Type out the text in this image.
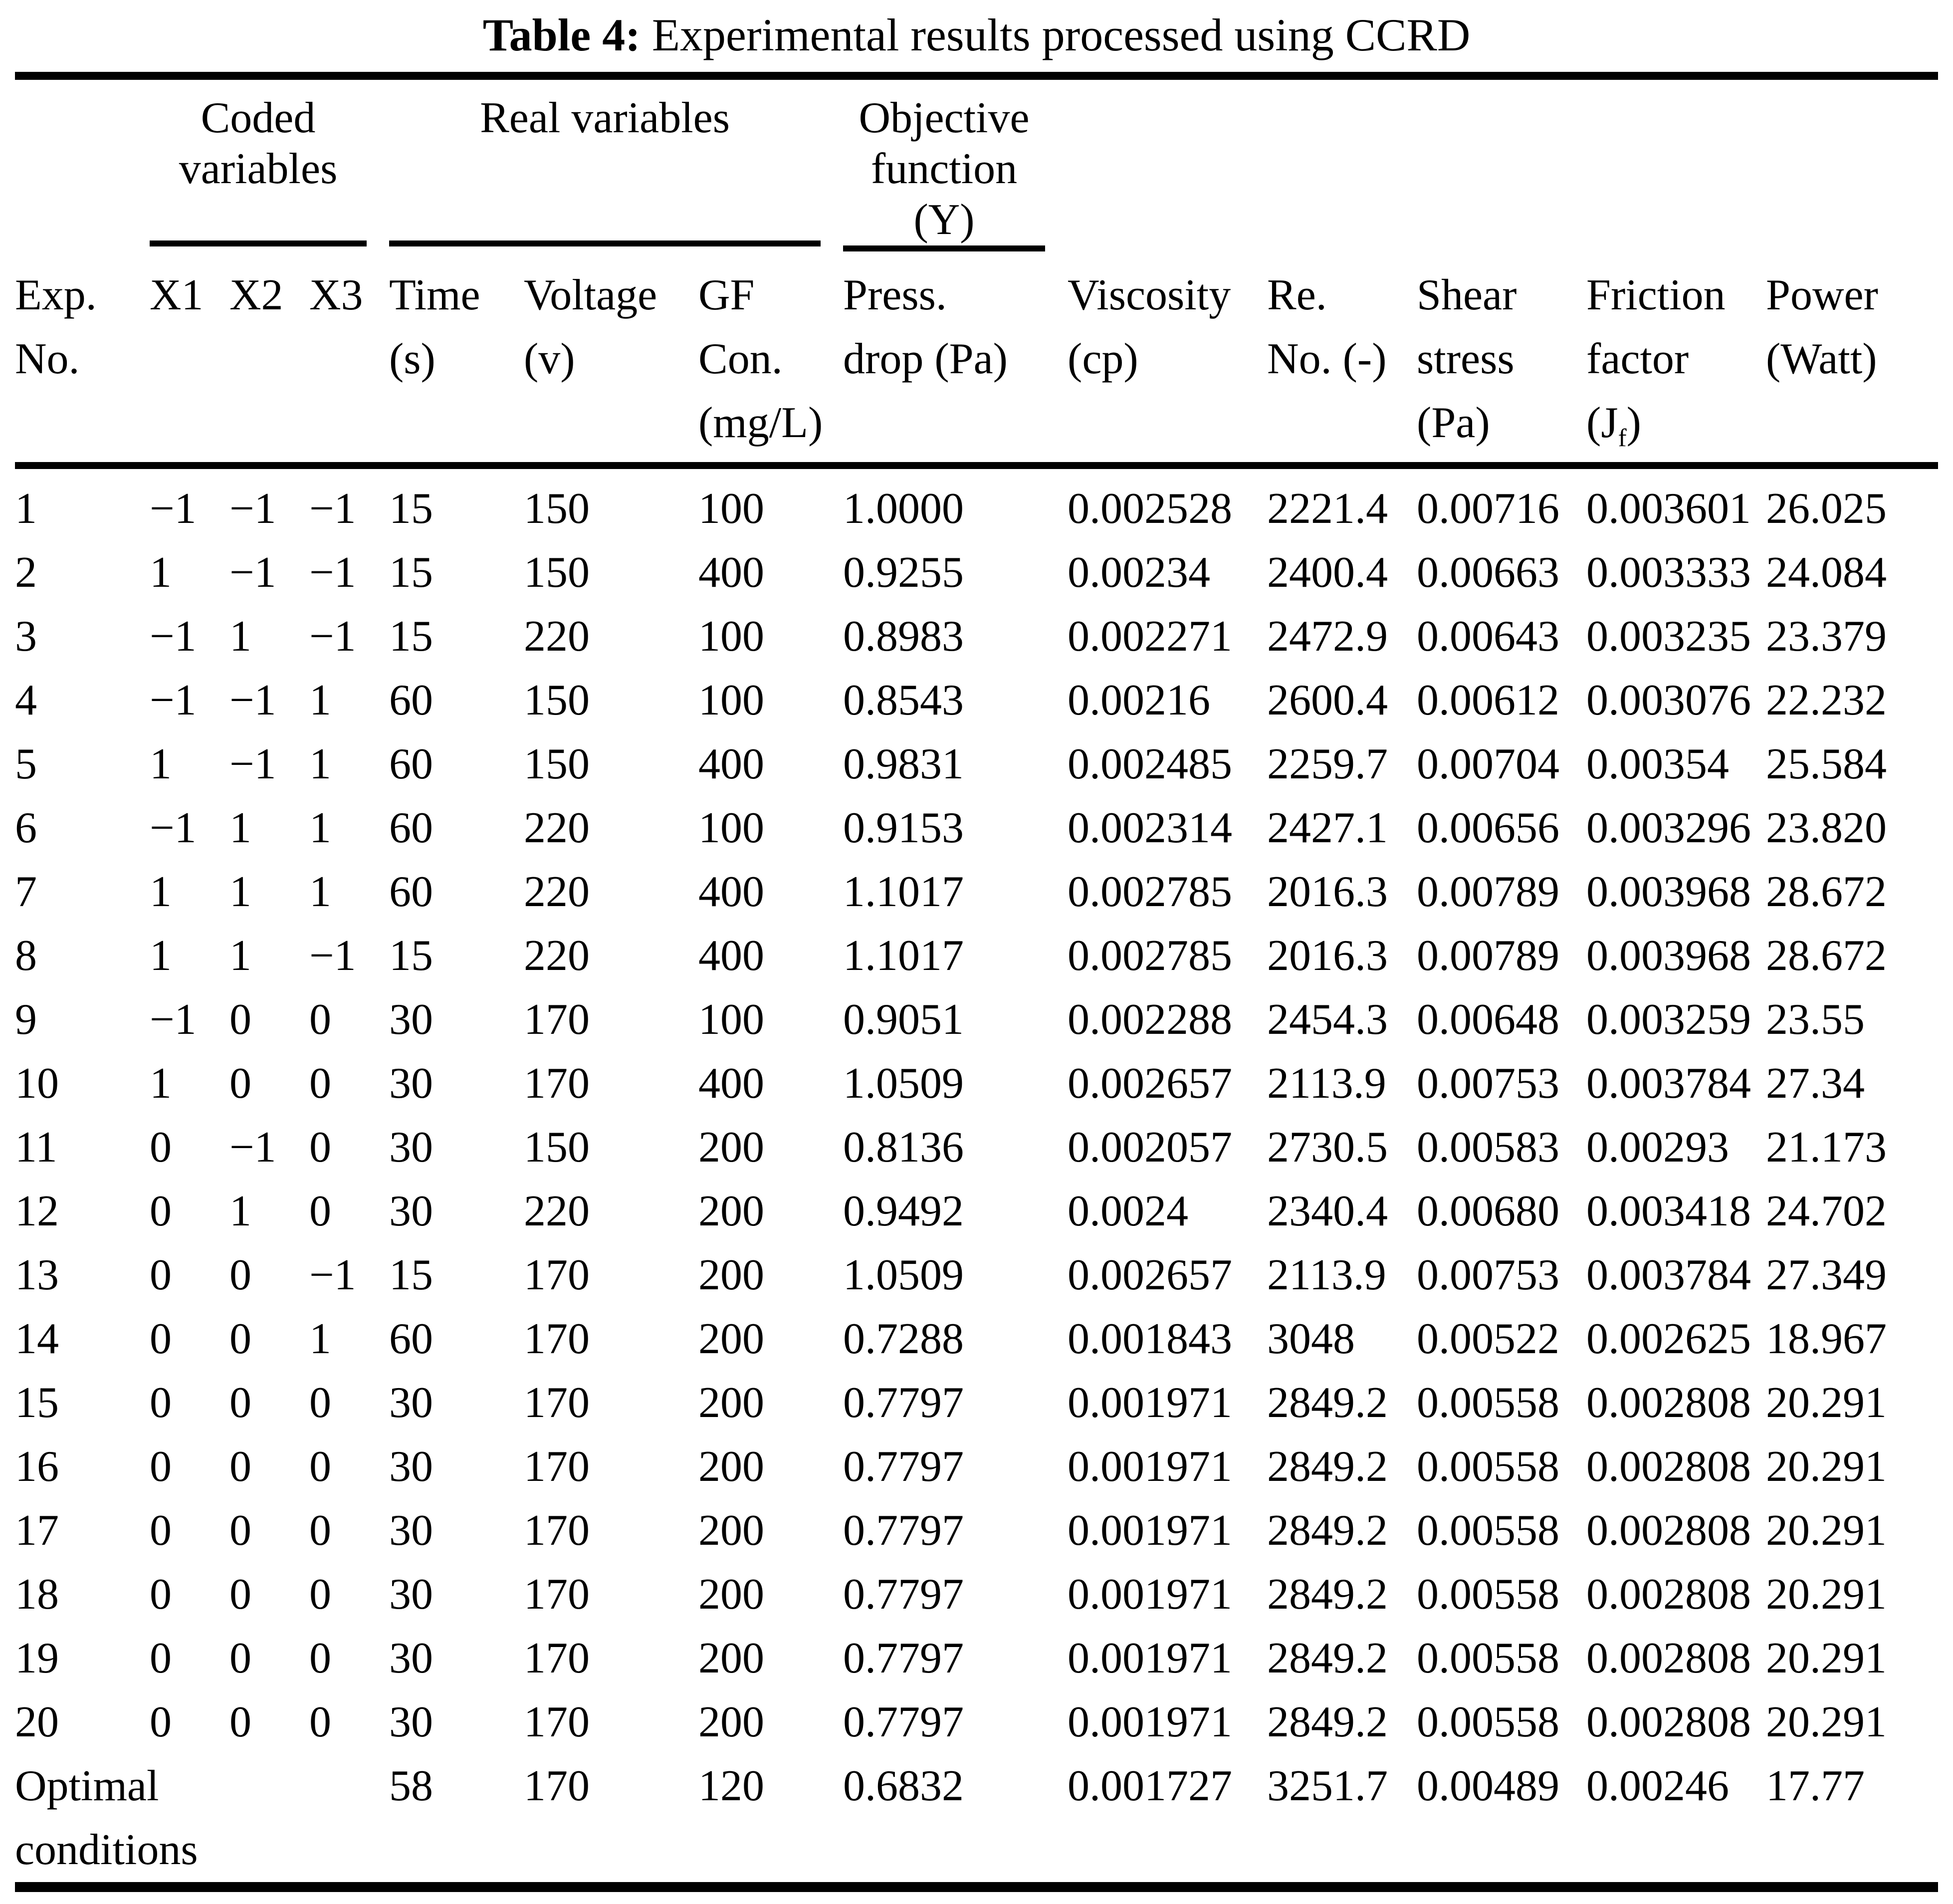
Table 4: Experimental results processed using CCRD

	Coded
variables			Real variables			Objective
function
(Y)					

Exp.
No.	X1	X2	X3	Time
(s)	Voltage
(v)	GF
Con.
(mg/L)	Press.
drop (Pa)	Viscosity
(cp)	Re.
No. (-)	Shear
stress
(Pa)	Friction
factor
$(J_f)$	Power
(Watt)
1	−1	−1	−1	15	150	100	1.0000	0.002528	2221.4	0.00716	0.003601	26.025
2	1	−1	−1	15	150	400	0.9255	0.00234	2400.4	0.00663	0.003333	24.084
3	−1	1	−1	15	220	100	0.8983	0.002271	2472.9	0.00643	0.003235	23.379
4	−1	−1	1	60	150	100	0.8543	0.00216	2600.4	0.00612	0.003076	22.232
5	1	−1	1	60	150	400	0.9831	0.002485	2259.7	0.00704	0.00354	25.584
6	−1	1	1	60	220	100	0.9153	0.002314	2427.1	0.00656	0.003296	23.820
7	1	1	1	60	220	400	1.1017	0.002785	2016.3	0.00789	0.003968	28.672
8	1	1	−1	15	220	400	1.1017	0.002785	2016.3	0.00789	0.003968	28.672
9	−1	0	0	30	170	100	0.9051	0.002288	2454.3	0.00648	0.003259	23.55
10	1	0	0	30	170	400	1.0509	0.002657	2113.9	0.00753	0.003784	27.34
11	0	−1	0	30	150	200	0.8136	0.002057	2730.5	0.00583	0.00293	21.173
12	0	1	0	30	220	200	0.9492	0.0024	2340.4	0.00680	0.003418	24.702
13	0	0	−1	15	170	200	1.0509	0.002657	2113.9	0.00753	0.003784	27.349
14	0	0	1	60	170	200	0.7288	0.001843	3048	0.00522	0.002625	18.967
15	0	0	0	30	170	200	0.7797	0.001971	2849.2	0.00558	0.002808	20.291
16	0	0	0	30	170	200	0.7797	0.001971	2849.2	0.00558	0.002808	20.291
17	0	0	0	30	170	200	0.7797	0.001971	2849.2	0.00558	0.002808	20.291
18	0	0	0	30	170	200	0.7797	0.001971	2849.2	0.00558	0.002808	20.291
19	0	0	0	30	170	200	0.7797	0.001971	2849.2	0.00558	0.002808	20.291
20	0	0	0	30	170	200	0.7797	0.001971	2849.2	0.00558	0.002808	20.291
Optimal
conditions				58	170	120	0.6832	0.001727	3251.7	0.00489	0.00246	17.77
